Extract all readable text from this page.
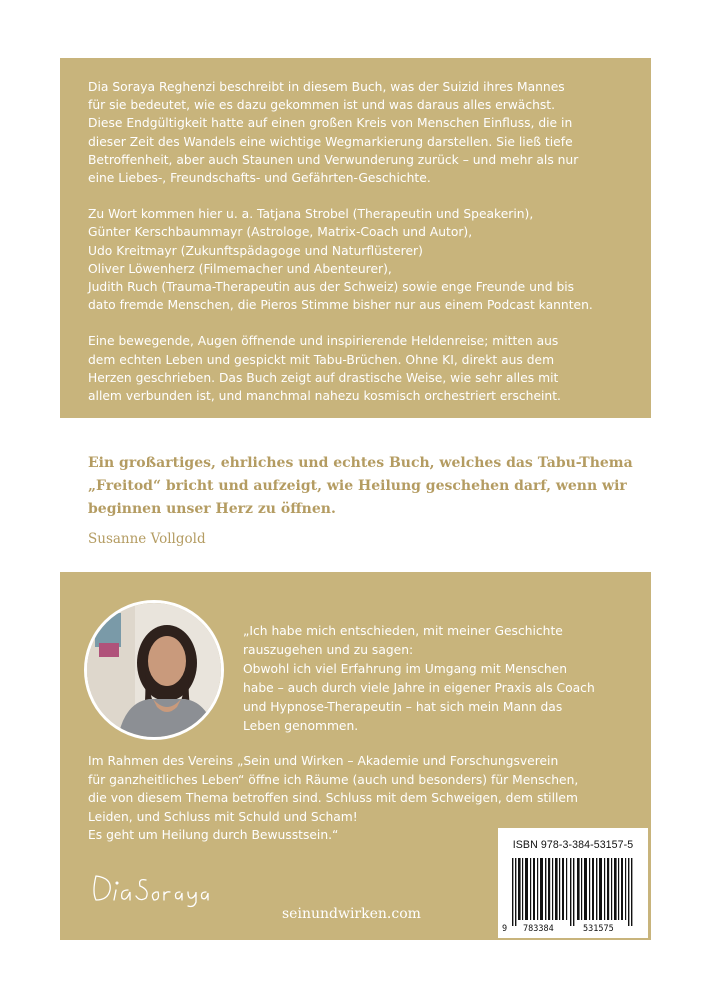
Dia Soraya Reghenzi beschreibt in diesem Buch, was der Suizid ihres Mannes
für sie bedeutet, wie es dazu gekommen ist und was daraus alles erwächst.
Diese Endgültigkeit hatte auf einen großen Kreis von Menschen Einfluss, die in
dieser Zeit des Wandels eine wichtige Wegmarkierung darstellen. Sie ließ tiefe
Betroffenheit, aber auch Staunen und Verwunderung zurück – und mehr als nur
eine Liebes-, Freundschafts- und Gefährten-Geschichte.

Zu Wort kommen hier u. a. Tatjana Strobel (Therapeutin und Speakerin),
Günter Kerschbaummayr (Astrologe, Matrix-Coach und Autor),
Udo Kreitmayr (Zukunftspädagoge und Naturflüsterer)
Oliver Löwenherz (Filmemacher und Abenteurer),
Judith Ruch (Trauma-Therapeutin aus der Schweiz) sowie enge Freunde und bis
dato fremde Menschen, die Pieros Stimme bisher nur aus einem Podcast kannten.

Eine bewegende, Augen öffnende und inspirierende Heldenreise; mitten aus
dem echten Leben und gespickt mit Tabu-Brüchen. Ohne KI, direkt aus dem
Herzen geschrieben. Das Buch zeigt auf drastische Weise, wie sehr alles mit
allem verbunden ist, und manchmal nahezu kosmisch orchestriert erscheint.

Ein großartiges, ehrliches und echtes Buch, welches das Tabu-Thema
„Freitod“ bricht und aufzeigt, wie Heilung geschehen darf, wenn wir
beginnen unser Herz zu öffnen.

Susanne Vollgold
„Ich habe mich entschieden, mit meiner Geschichte
rauszugehen und zu sagen:
Obwohl ich viel Erfahrung im Umgang mit Menschen
habe – auch durch viele Jahre in eigener Praxis als Coach
und Hypnose-Therapeutin – hat sich mein Mann das
Leben genommen.
Im Rahmen des Vereins „Sein und Wirken – Akademie und Forschungsverein
für ganzheitliches Leben“ öffne ich Räume (auch und besonders) für Menschen,
die von diesem Thema betroffen sind. Schluss mit dem Schweigen, dem stillem
Leiden, und Schluss mit Schuld und Scham!
Es geht um Heilung durch Bewusstsein.“
seinundwirken.com
ISBN 978-3-384-53157-5
9 783384	531575
